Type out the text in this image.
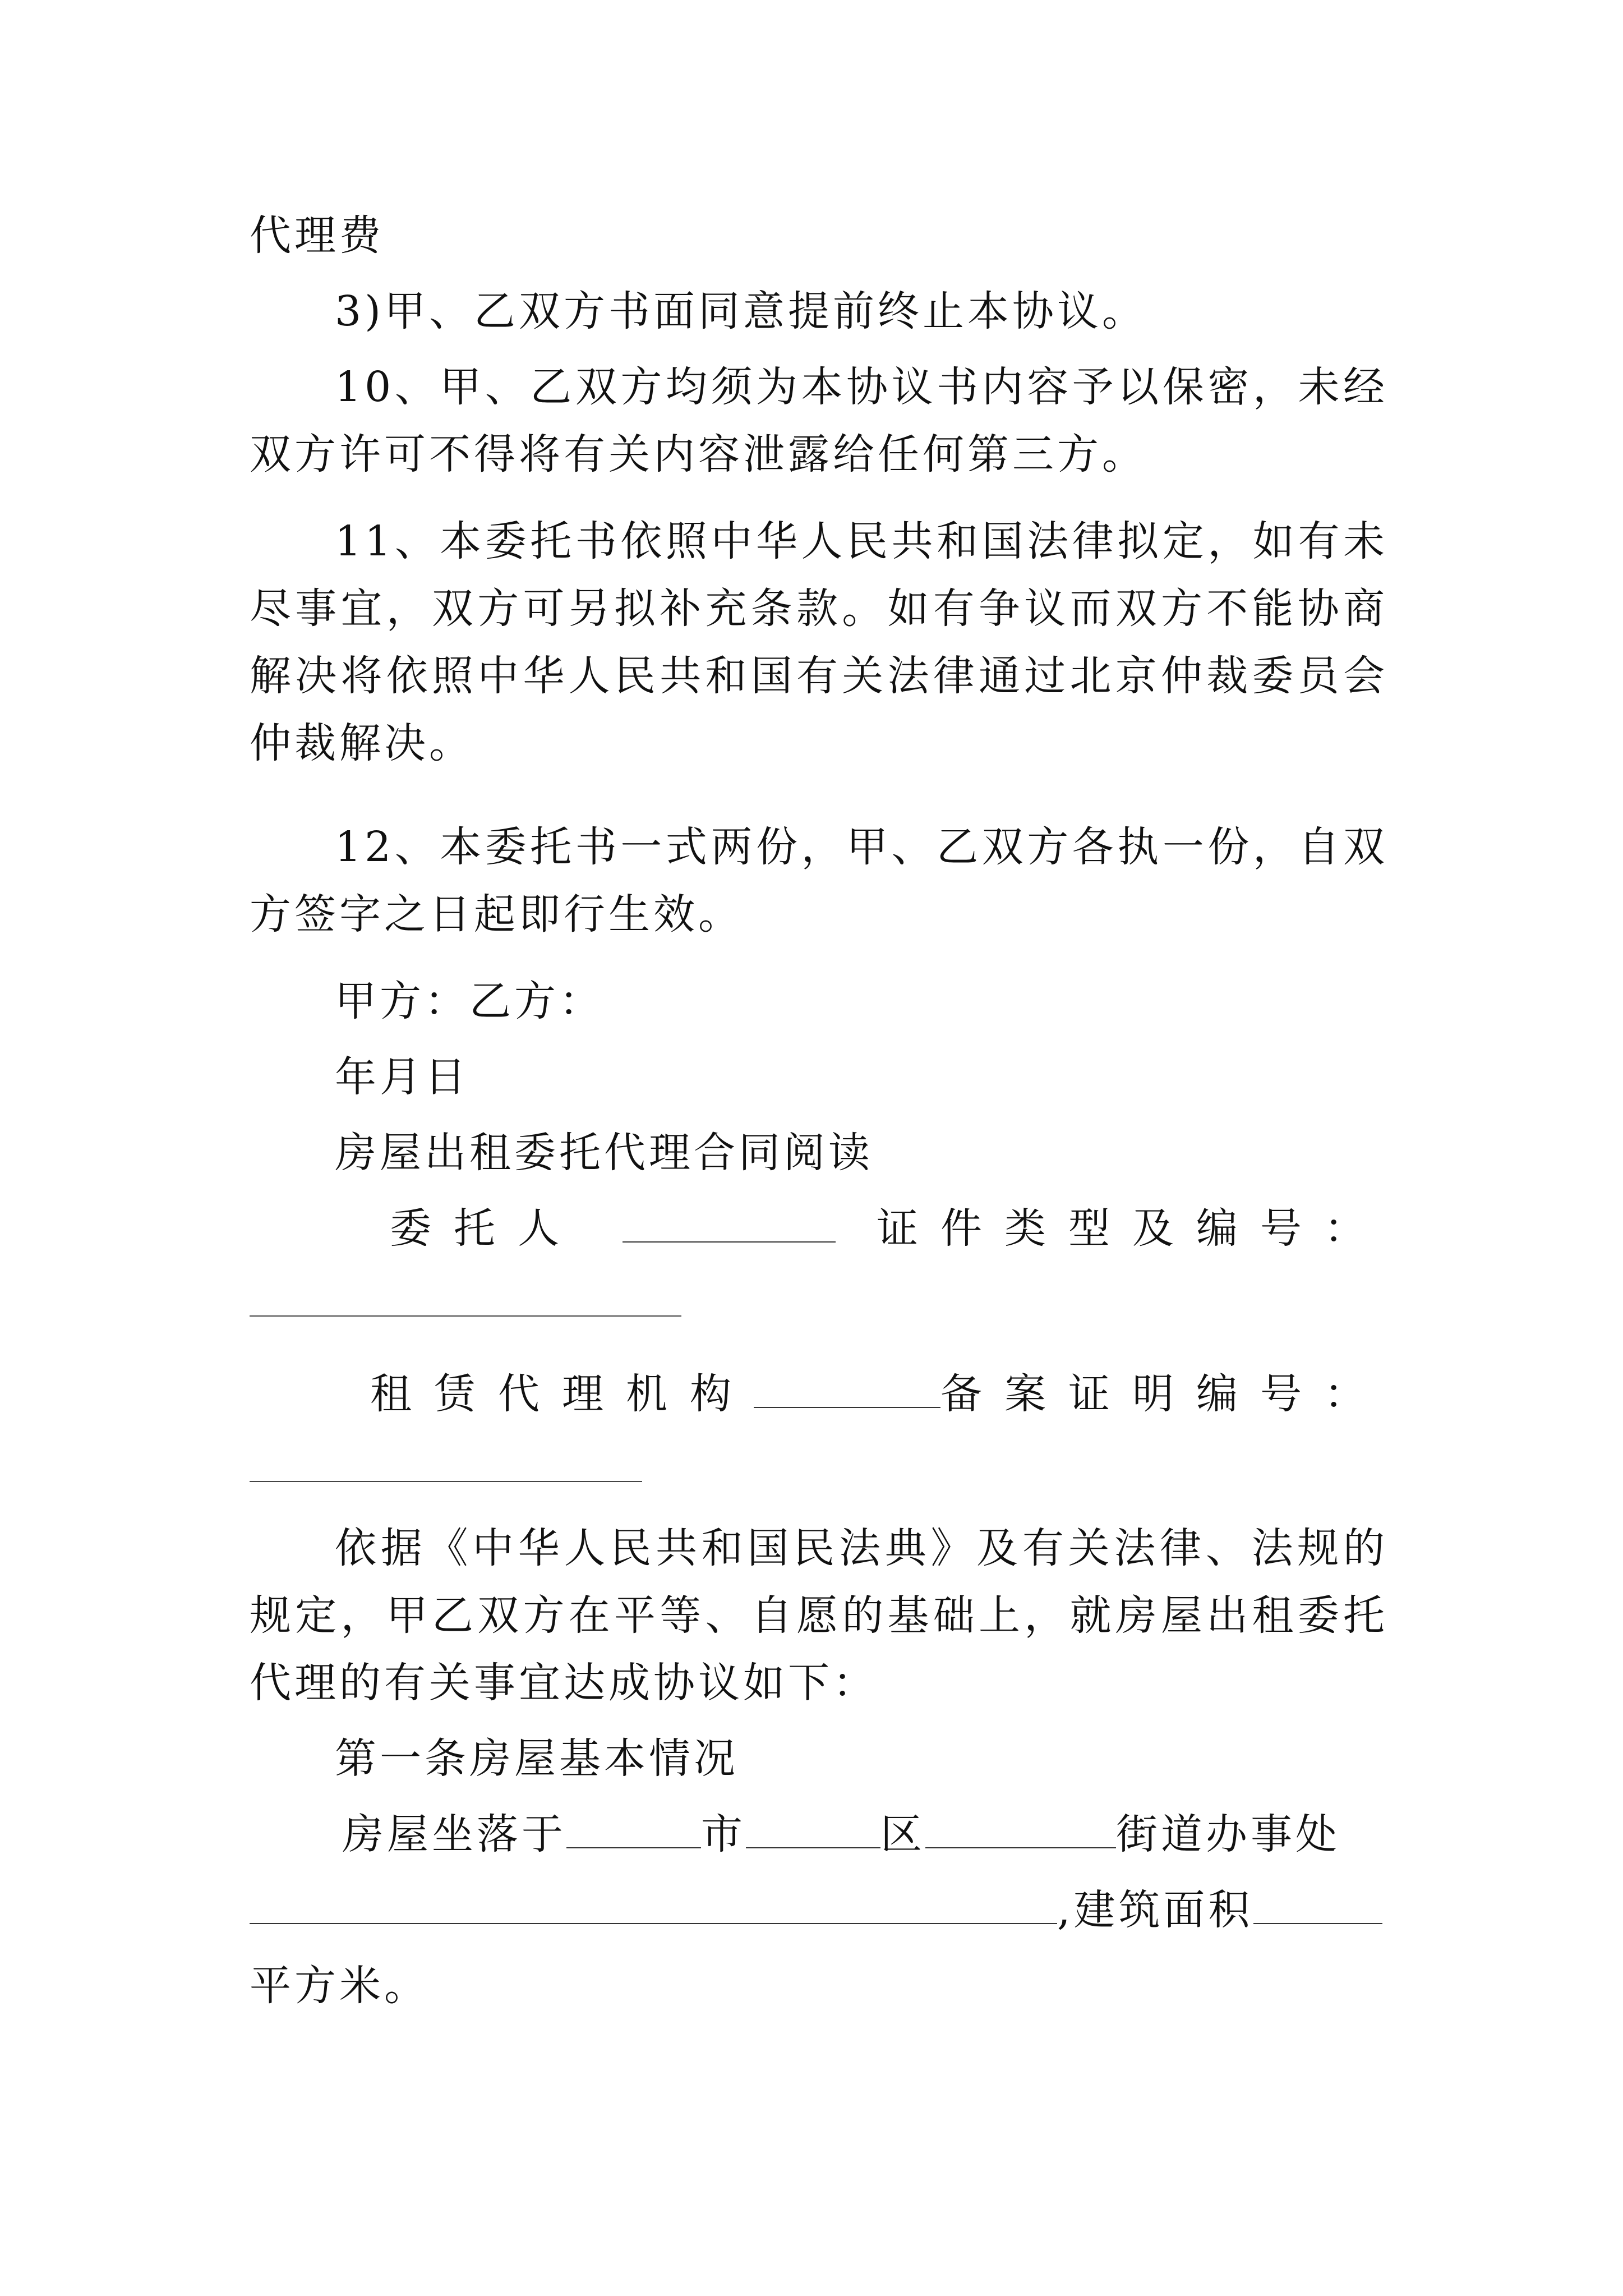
代理费
3)甲、乙双方书面同意提前终止本协议。
10、甲、乙双方均须为本协议书内容予以保密，未经双方许可不得将有关内容泄露给任何第三方。
11、本委托书依照中华人民共和国法律拟定，如有未尽事宜，双方可另拟补充条款。如有争议而双方不能协商解决将依照中华人民共和国有关法律通过北京仲裁委员会仲裁解决。
12、本委托书一式两份，甲、乙双方各执一份，自双方签字之日起即行生效。
甲方：乙方：
年月日
房屋出租委托代理合同阅读
委托人	证件类型及编号：
租赁代理机构	备案证明编号：
依据《中华人民共和国民法典》及有关法律、法规的规定，甲乙双方在平等、自愿的基础上，就房屋出租委托代理的有关事宜达成协议如下：
第一条房屋基本情况
房屋坐落于	市	区	街道办事处
,建筑面积
平方米。
